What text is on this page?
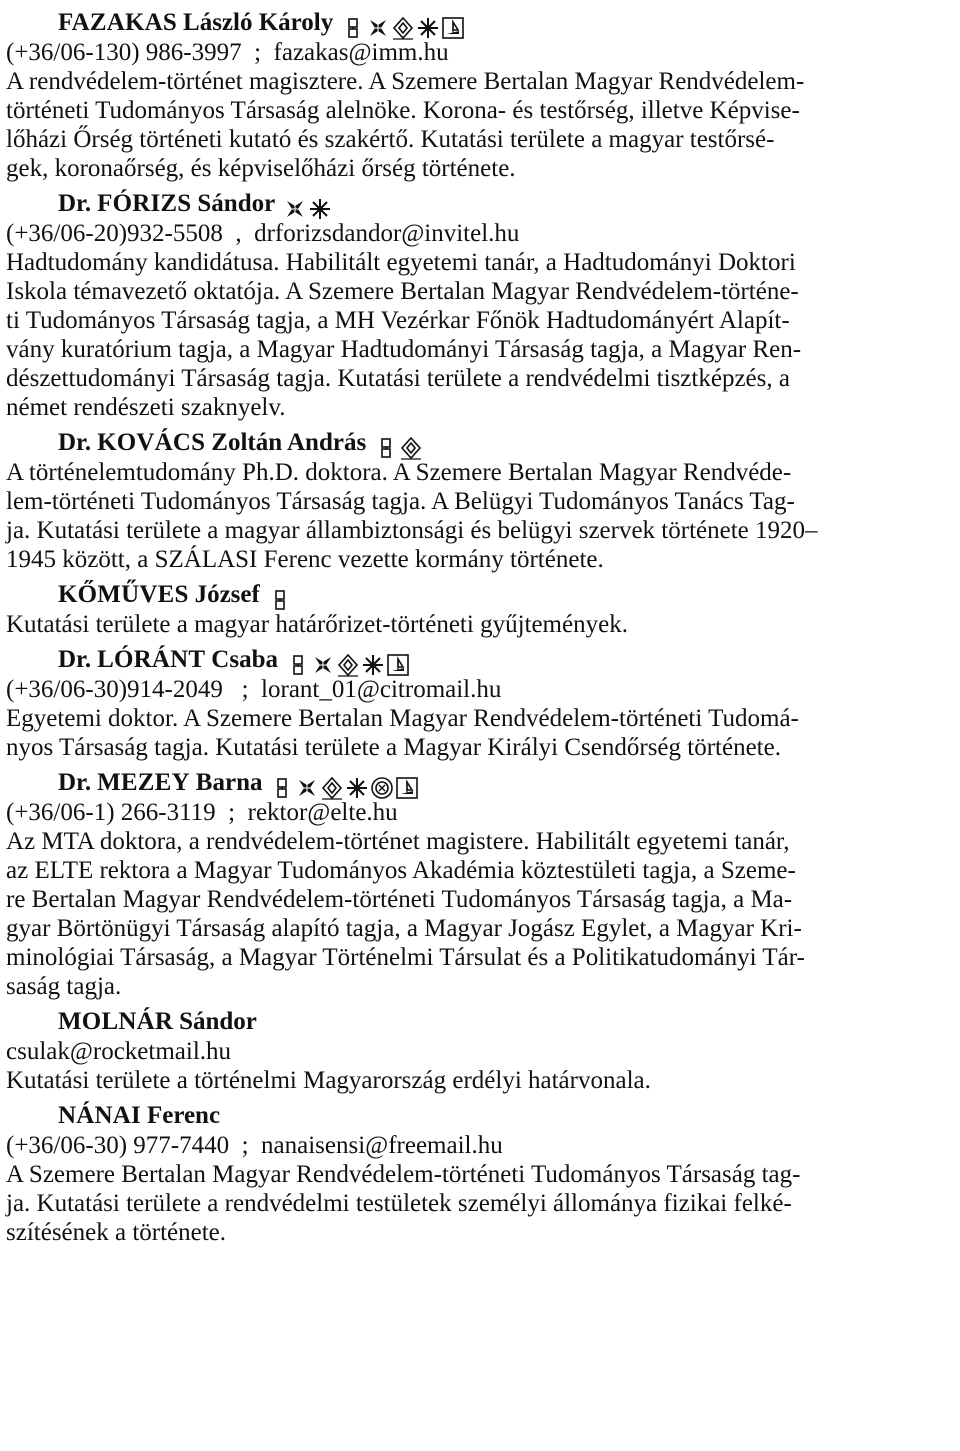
FAZAKAS László Károly
(+36/06-130) 986-3997  ;  fazakas@imm.hu
A rendvédelem-történet magisztere. A Szemere Bertalan Magyar Rendvédelem-
történeti Tudományos Társaság alelnöke. Korona- és testőrség, illetve Képvise-
lőházi Őrség történeti kutató és szakértő. Kutatási területe a magyar testőrsé-
gek, koronaőrség, és képviselőházi őrség története.
Dr. FÓRIZS Sándor
(+36/06-20)932-5508  ,  drforizsdandor@invitel.hu
Hadtudomány kandidátusa. Habilitált egyetemi tanár, a Hadtudományi Doktori
Iskola témavezető oktatója. A Szemere Bertalan Magyar Rendvédelem-történe-
ti Tudományos Társaság tagja, a MH Vezérkar Főnök Hadtudományért Alapít-
vány kuratórium tagja, a Magyar Hadtudományi Társaság tagja, a Magyar Ren-
dészettudományi Társaság tagja. Kutatási területe a rendvédelmi tisztképzés, a
német rendészeti szaknyelv.
Dr. KOVÁCS Zoltán András
A történelemtudomány Ph.D. doktora. A Szemere Bertalan Magyar Rendvéde-
lem-történeti Tudományos Társaság tagja. A Belügyi Tudományos Tanács Tag-
ja. Kutatási területe a magyar állambiztonsági és belügyi szervek története 1920–
1945 között, a SZÁLASI Ferenc vezette kormány története.
KŐMŰVES József
Kutatási területe a magyar határőrizet-történeti gyűjtemények.
Dr. LÓRÁNT Csaba
(+36/06-30)914-2049   ;  lorant_01@citromail.hu
Egyetemi doktor. A Szemere Bertalan Magyar Rendvédelem-történeti Tudomá-
nyos Társaság tagja. Kutatási területe a Magyar Királyi Csendőrség története.
Dr. MEZEY Barna
(+36/06-1) 266-3119  ;  rektor@elte.hu
Az MTA doktora, a rendvédelem-történet magistere. Habilitált egyetemi tanár,
az ELTE rektora a Magyar Tudományos Akadémia köztestületi tagja, a Szeme-
re Bertalan Magyar Rendvédelem-történeti Tudományos Társaság tagja, a Ma-
gyar Börtönügyi Társaság alapító tagja, a Magyar Jogász Egylet, a Magyar Kri-
minológiai Társaság, a Magyar Történelmi Társulat és a Politikatudományi Tár-
saság tagja.
MOLNÁR Sándor
csulak@rocketmail.hu
Kutatási területe a történelmi Magyarország erdélyi határvonala.
NÁNAI Ferenc
(+36/06-30) 977-7440  ;  nanaisensi@freemail.hu
A Szemere Bertalan Magyar Rendvédelem-történeti Tudományos Társaság tag-
ja. Kutatási területe a rendvédelmi testületek személyi állománya fizikai felké-
szítésének a története.
